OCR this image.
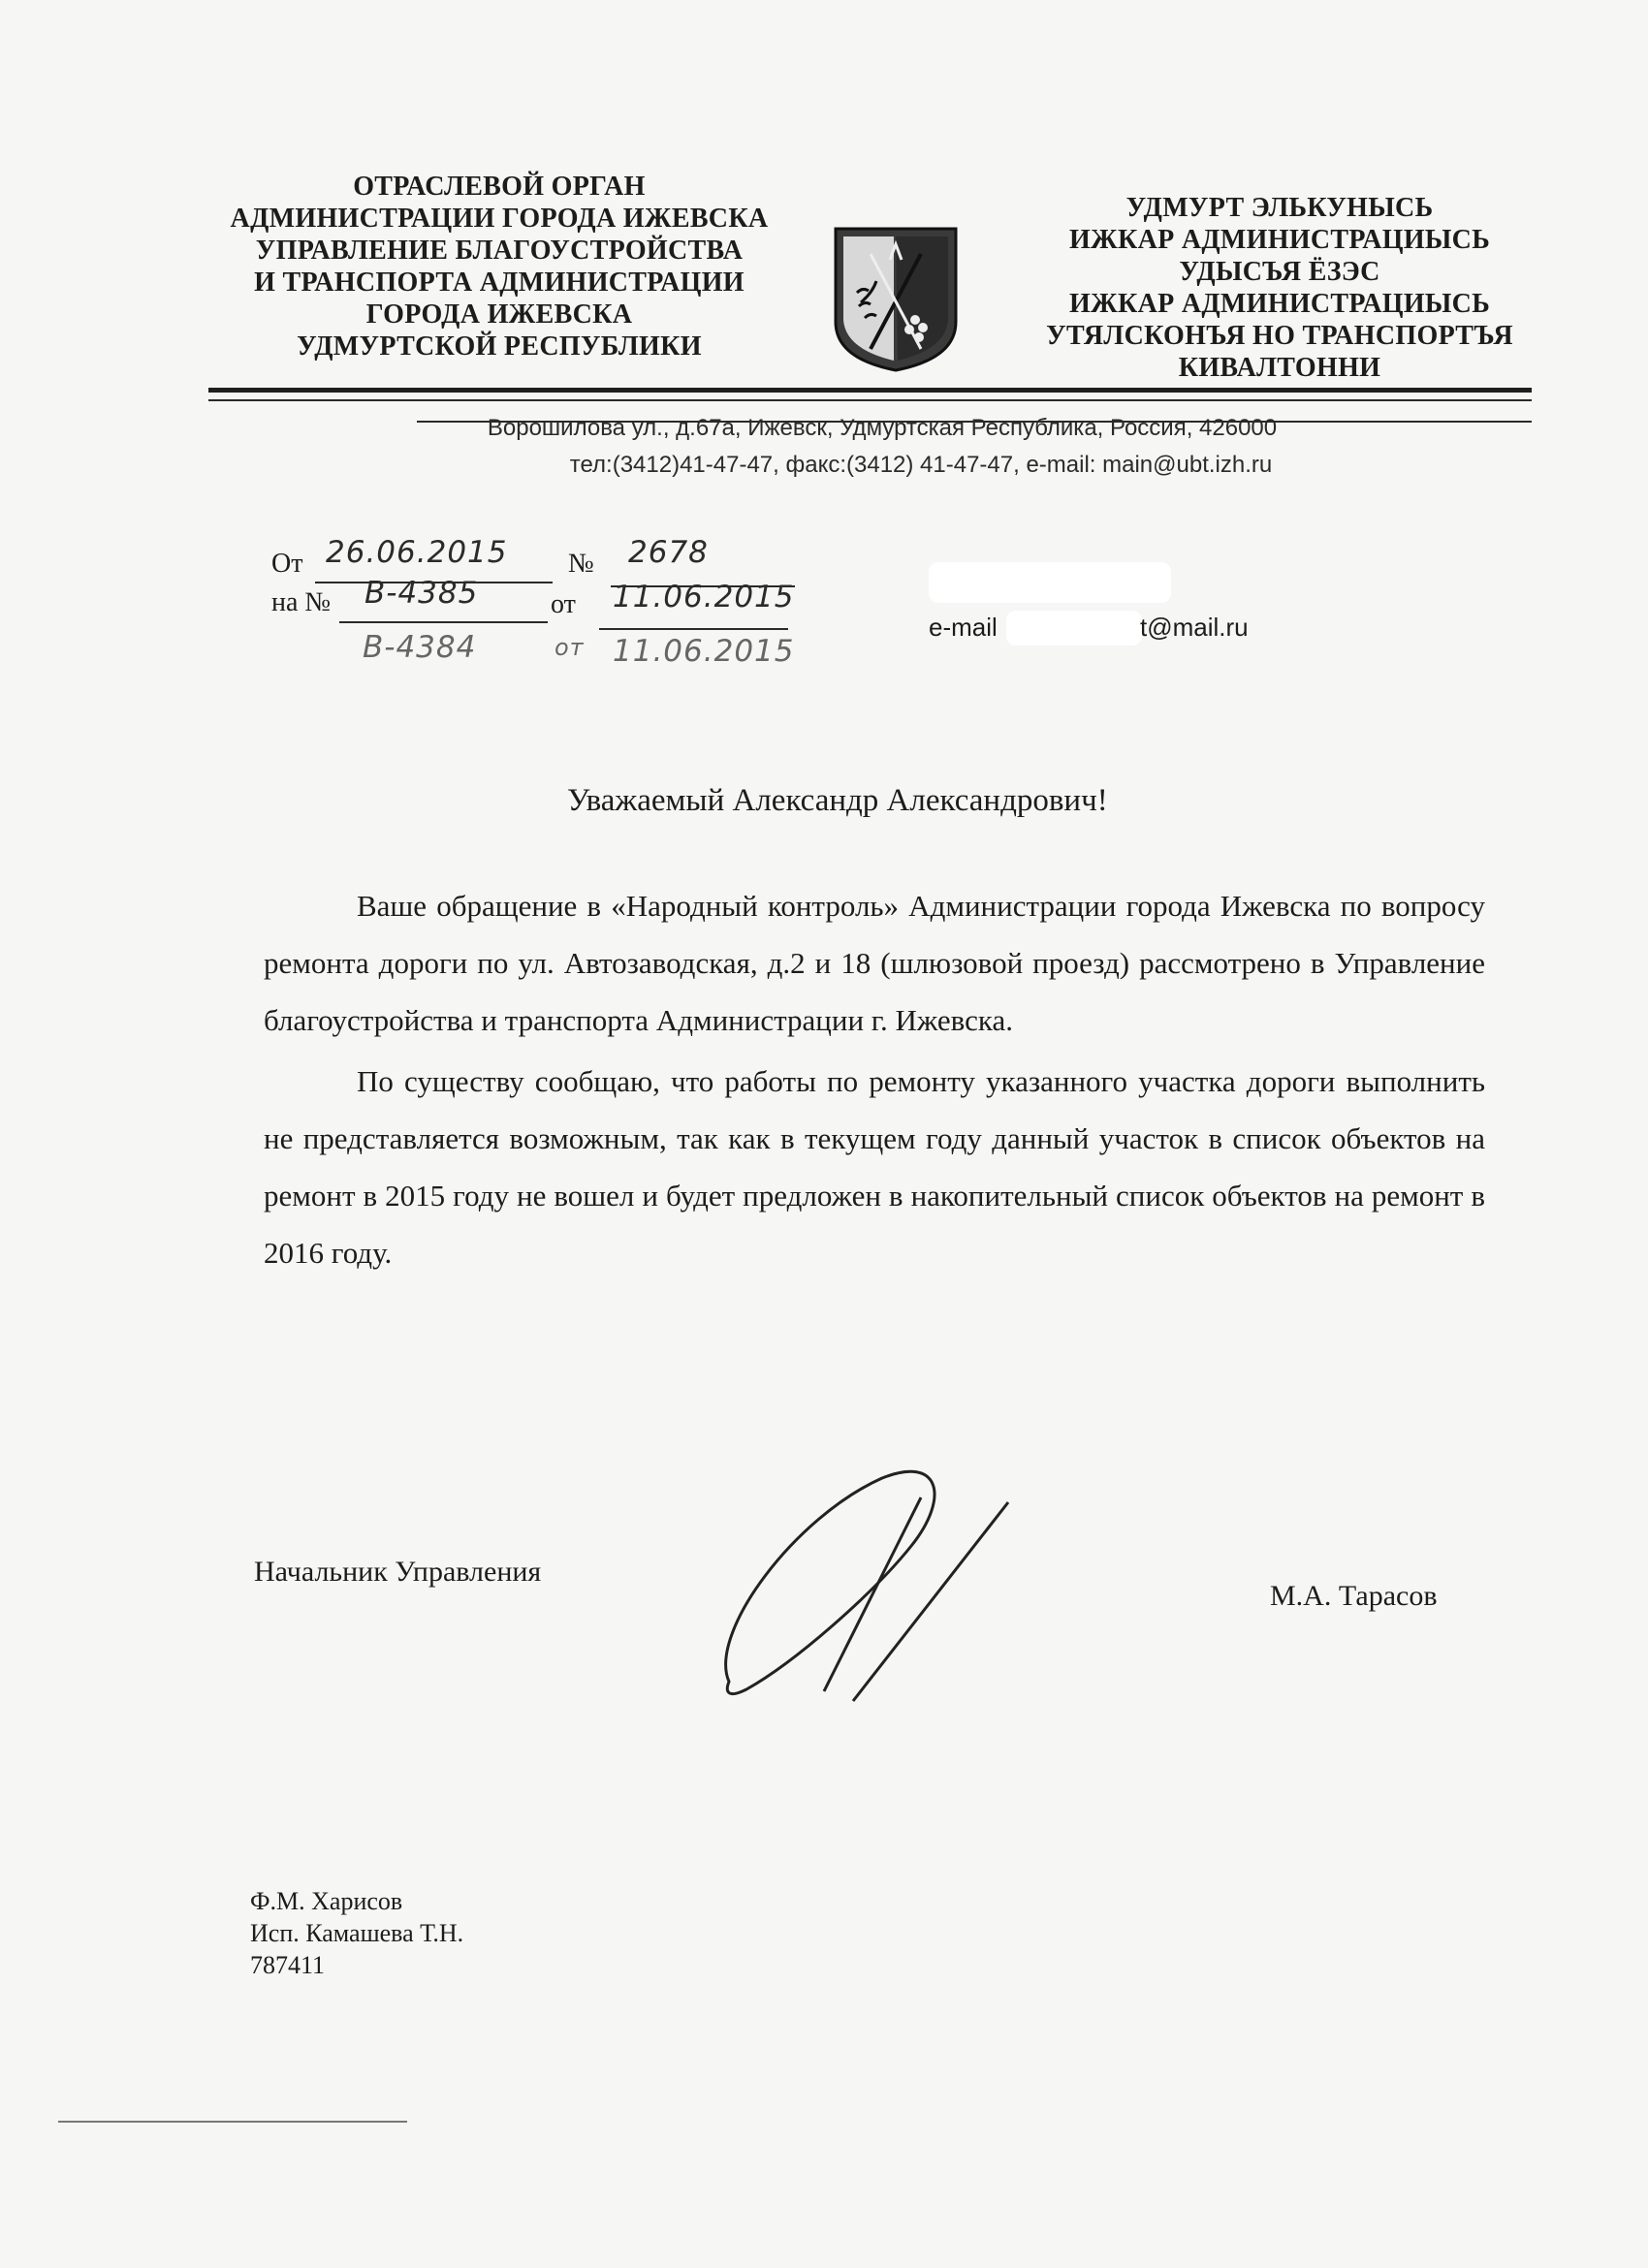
ОТРАСЛЕВОЙ ОРГАН
АДМИНИСТРАЦИИ ГОРОДА ИЖЕВСКА
УПРАВЛЕНИЕ БЛАГОУСТРОЙСТВА
И ТРАНСПОРТА АДМИНИСТРАЦИИ
ГОРОДА ИЖЕВСКА
УДМУРТСКОЙ РЕСПУБЛИКИ
УДМУРТ ЭЛЬКУНЫСЬ
ИЖКАР АДМИНИСТРАЦИЫСЬ
УДЫСЪЯ ЁЗЭС
ИЖКАР АДМИНИСТРАЦИЫСЬ
УТЯЛСКОНЪЯ НО ТРАНСПОРТЪЯ
КИВАЛТОННИ
Ворошилова ул., д.67а, Ижевск, Удмуртская Республика, Россия, 426000
тел:(3412)41-47-47, факс:(3412) 41-47-47, e-mail: main@ubt.izh.ru
От 26.06.2015 № 2678
на № В-4385	от 11.06.2015
В-4384	от 11.06.2015
e-mail	t@mail.ru
Уважаемый Александр Александрович!

Ваше обращение в «Народный контроль» Администрации города Ижевска по вопросу ремонта дороги по ул. Автозаводская, д.2 и 18 (шлюзовой проезд) рассмотрено в Управление благоустройства и транспорта Администрации г. Ижевска.

По существу сообщаю, что работы по ремонту указанного участка дороги выполнить не представляется возможным, так как в текущем году данный участок в список объектов на ремонт в 2015 году не вошел и будет предложен в накопительный список объектов на ремонт в 2016 году.

Начальник Управления
М.А. Тарасов
Ф.М. Харисов
Исп. Камашева Т.Н.
787411
